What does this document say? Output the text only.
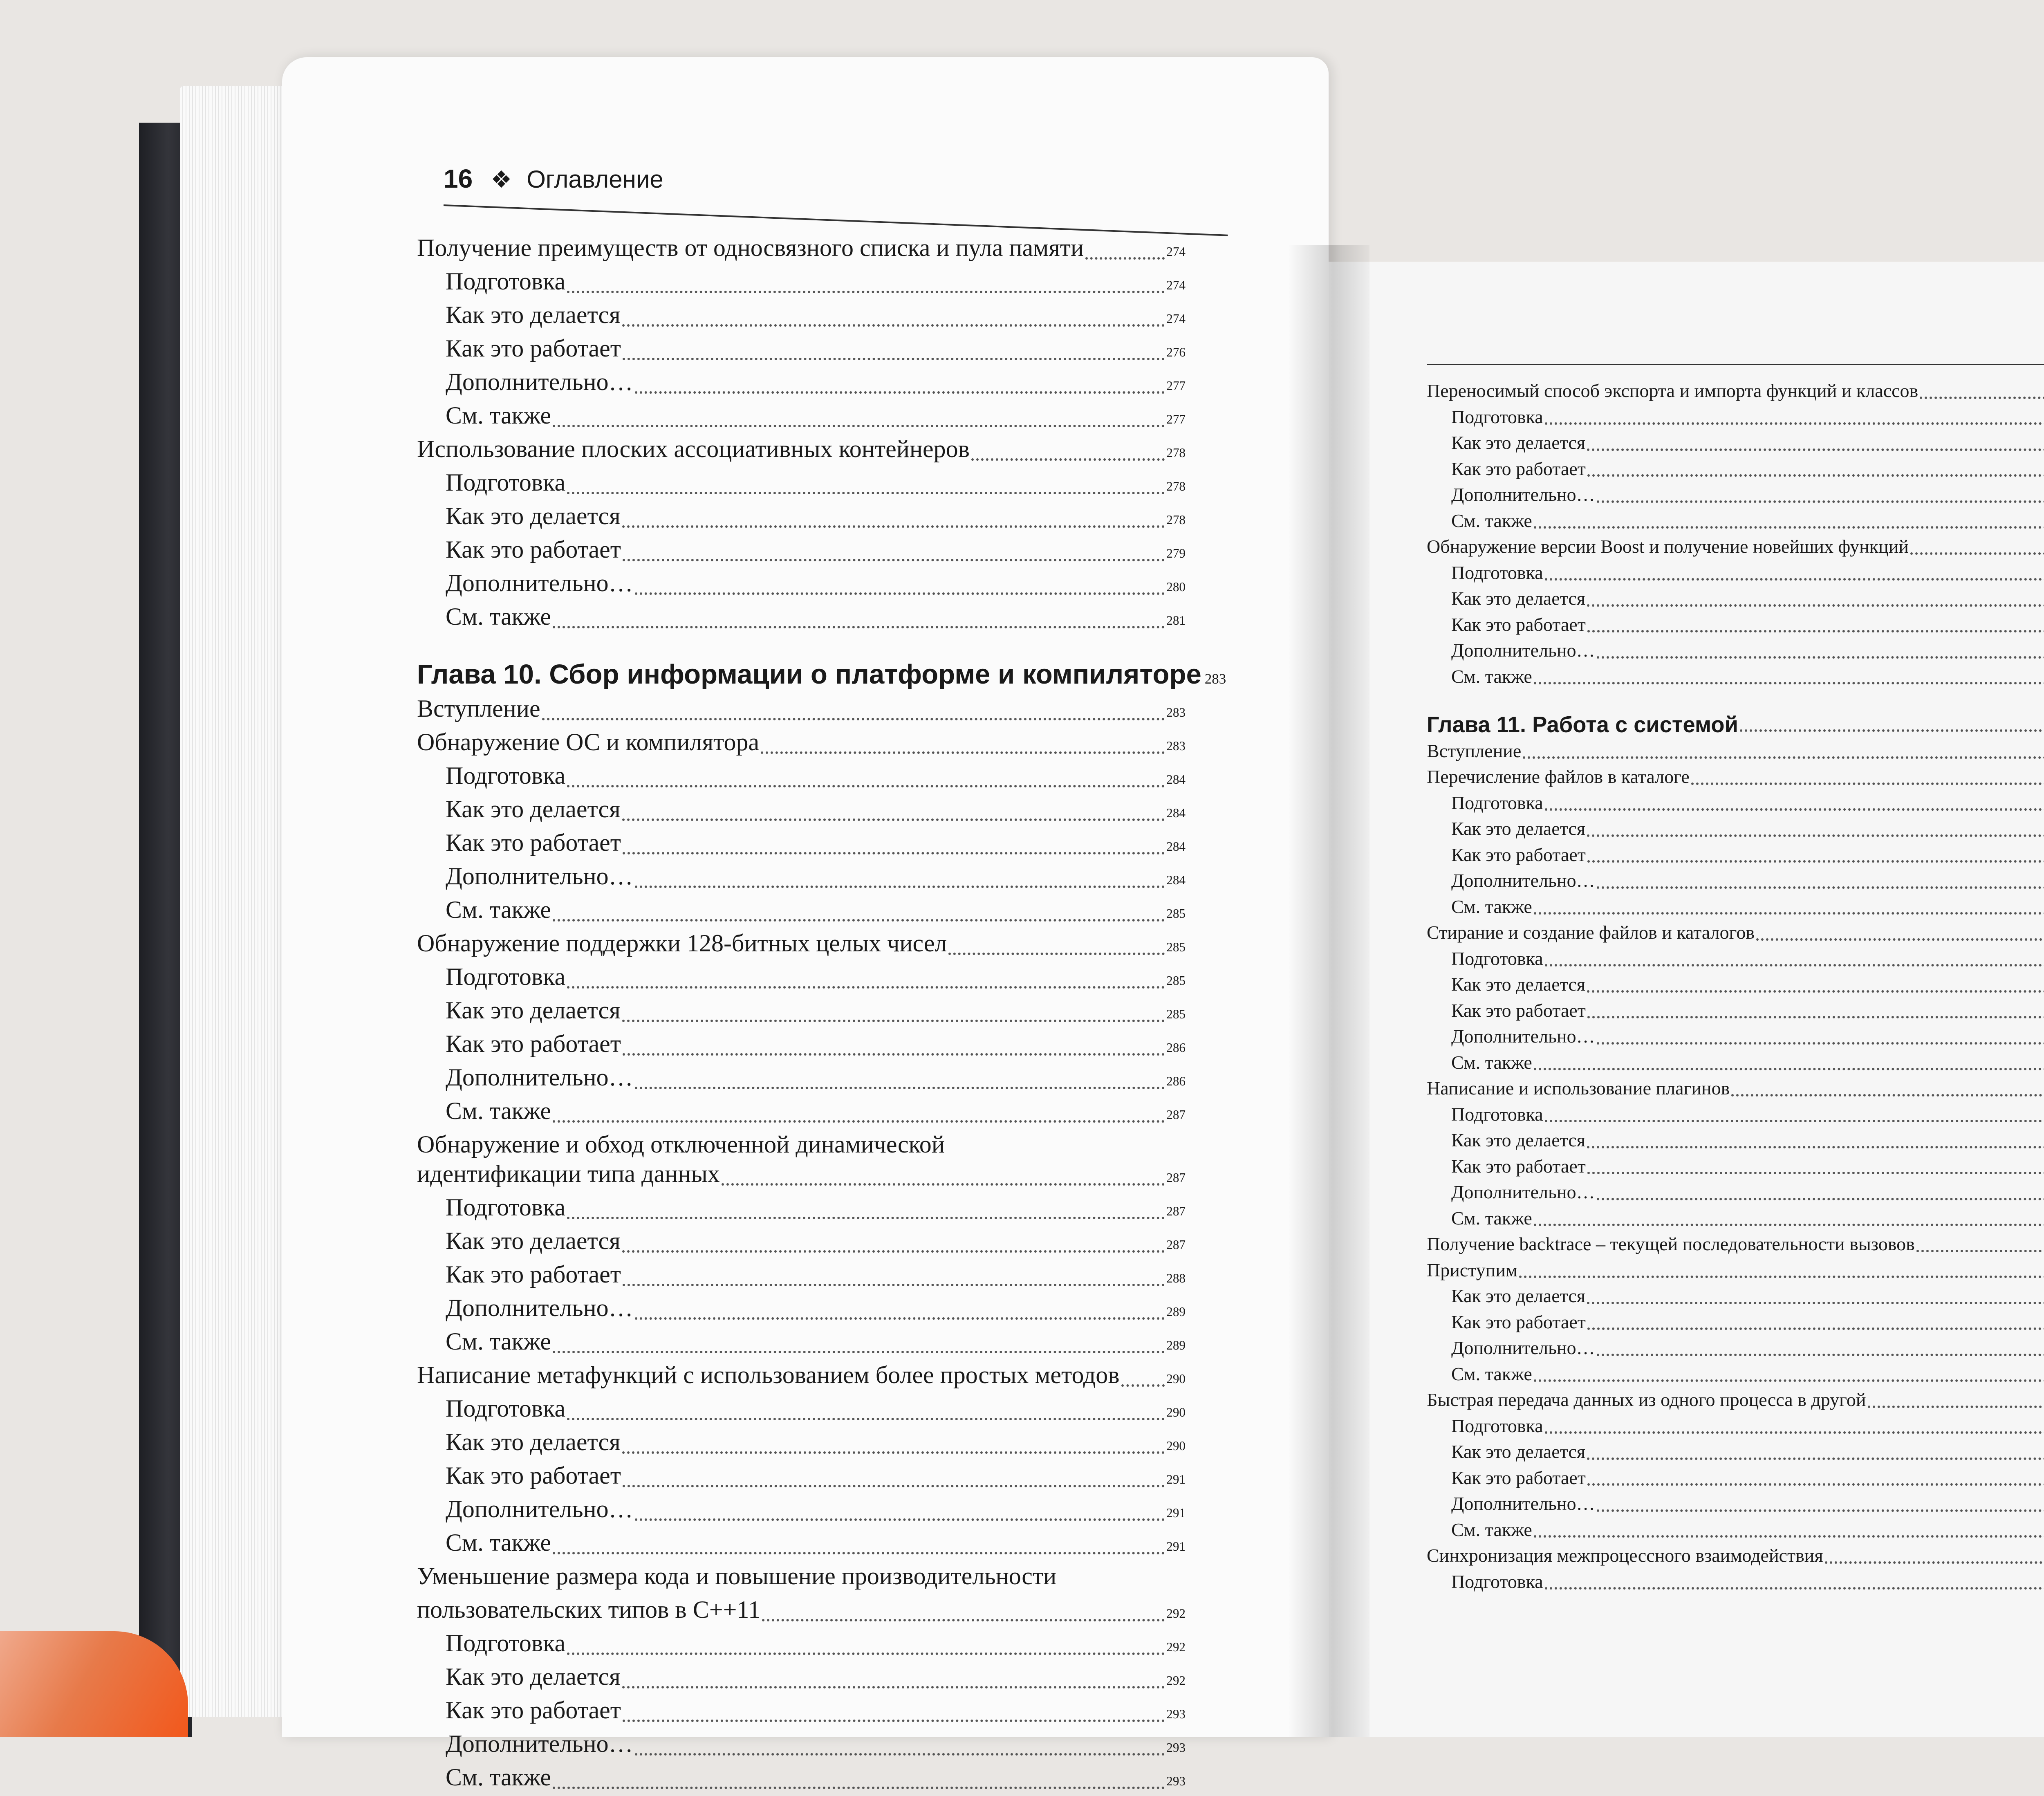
16 ❖ Оглавление
Получение преимуществ от односвязного списка и пула памяти	274
Подготовка	274
Как это делается	274
Как это работает	276
Дополнительно…	277
См. также	277
Использование плоских ассоциативных контейнеров	278
Подготовка	278
Как это делается	278
Как это работает	279
Дополнительно…	280
См. также	281
Глава 10. Сбор информации о платформе и компиляторе 283
Вступление	283
Обнаружение ОС и компилятора	283
Подготовка	284
Как это делается	284
Как это работает	284
Дополнительно…	284
См. также	285
Обнаружение поддержки 128-битных целых чисел	285
Подготовка	285
Как это делается	285
Как это работает	286
Дополнительно…	286
См. также	287
Обнаружение и обход отключенной динамической
идентификации типа данных	287
Подготовка	287
Как это делается	287
Как это работает	288
Дополнительно…	289
См. также	289
Написание метафункций с использованием более простых методов	290
Подготовка	290
Как это делается	290
Как это работает	291
Дополнительно…	291
См. также	291
Уменьшение размера кода и повышение производительности
пользовательских типов в C++11	292
Подготовка	292
Как это делается	292
Как это работает	293
Дополнительно…	293
См. также	293
Переносимый способ экспорта и импорта функций и классов
Подготовка
Как это делается
Как это работает
Дополнительно…
См. также
Обнаружение версии Boost и получение новейших функций
Подготовка
Как это делается
Как это работает
Дополнительно…
См. также
Глава 11. Работа с системой
Вступление
Перечисление файлов в каталоге
Подготовка
Как это делается
Как это работает
Дополнительно…
См. также
Стирание и создание файлов и каталогов
Подготовка
Как это делается
Как это работает
Дополнительно…
См. также
Написание и использование плагинов
Подготовка
Как это делается
Как это работает
Дополнительно…
См. также
Получение backtrace – текущей последовательности вызовов
Приступим
Как это делается
Как это работает
Дополнительно…
См. также
Быстрая передача данных из одного процесса в другой
Подготовка
Как это делается
Как это работает
Дополнительно…
См. также
Синхронизация межпроцессного взаимодействия
Подготовка
